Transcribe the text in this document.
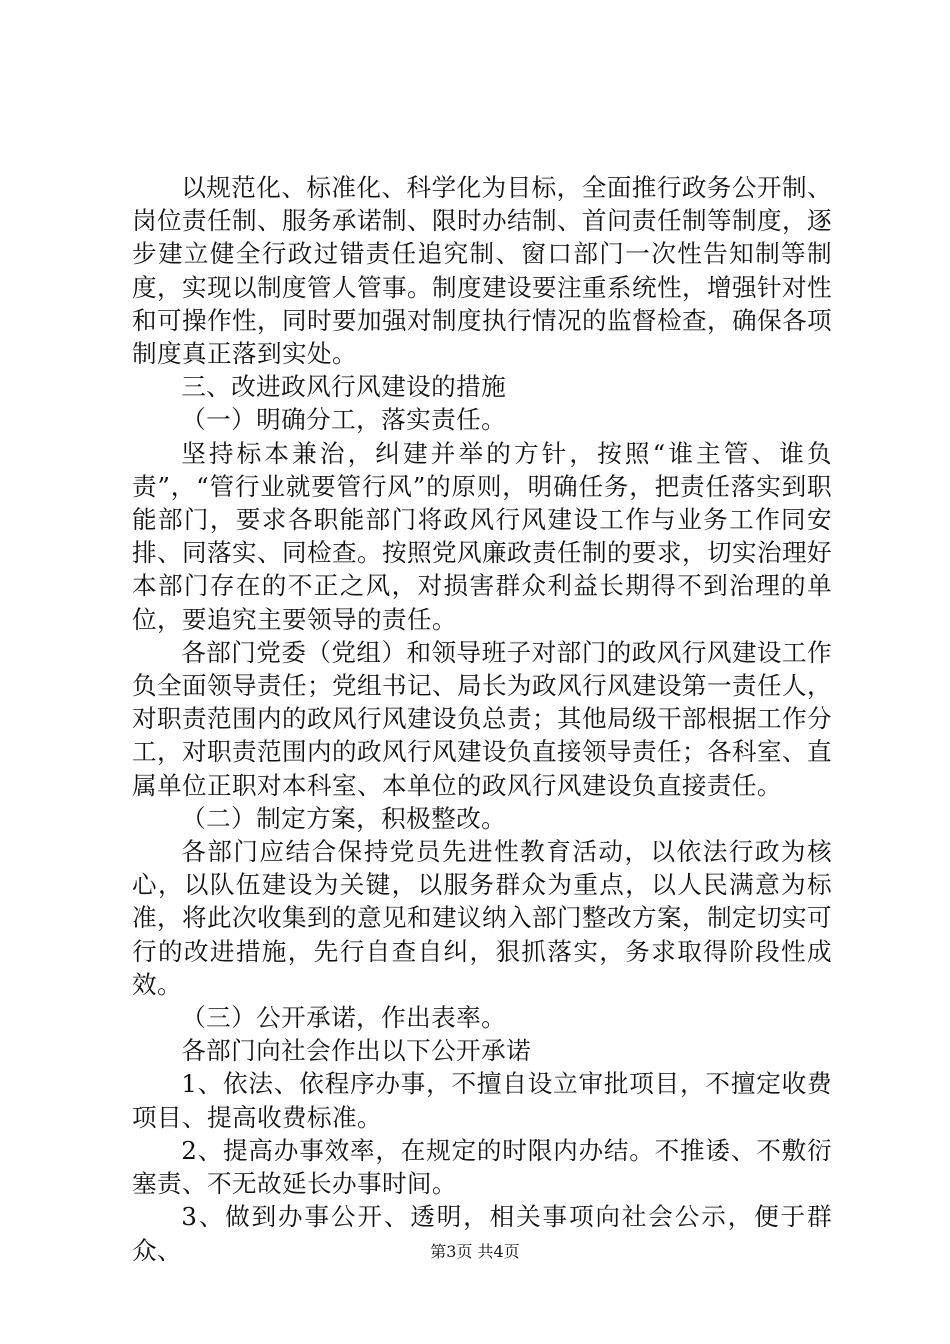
以规范化、标准化、科学化为目标，全面推行政务公开制、岗位责任制、服务承诺制、限时办结制、首问责任制等制度，逐步建立健全行政过错责任追究制、窗口部门一次性告知制等制度，实现以制度管人管事。制度建设要注重系统性，增强针对性和可操作性，同时要加强对制度执行情况的监督检查，确保各项制度真正落到实处。

三、改进政风行风建设的措施

（一）明确分工，落实责任。

坚持标本兼治，纠建并举的方针，按照“谁主管、谁负责”，“管行业就要管行风”的原则，明确任务，把责任落实到职能部门，要求各职能部门将政风行风建设工作与业务工作同安排、同落实、同检查。按照党风廉政责任制的要求，切实治理好本部门存在的不正之风，对损害群众利益长期得不到治理的单位，要追究主要领导的责任。

各部门党委（党组）和领导班子对部门的政风行风建设工作负全面领导责任；党组书记、局长为政风行风建设第一责任人，对职责范围内的政风行风建设负总责；其他局级干部根据工作分工，对职责范围内的政风行风建设负直接领导责任；各科室、直属单位正职对本科室、本单位的政风行风建设负直接责任。

（二）制定方案，积极整改。

各部门应结合保持党员先进性教育活动，以依法行政为核心，以队伍建设为关键，以服务群众为重点，以人民满意为标准，将此次收集到的意见和建议纳入部门整改方案，制定切实可行的改进措施，先行自查自纠，狠抓落实，务求取得阶段性成效。

（三）公开承诺，作出表率。

各部门向社会作出以下公开承诺

1、依法、依程序办事，不擅自设立审批项目，不擅定收费项目、提高收费标准。

2、提高办事效率，在规定的时限内办结。不推诿、不敷衍塞责、不无故延长办事时间。

3、做到办事公开、透明，相关事项向社会公示，便于群众、	第3页 共4页
